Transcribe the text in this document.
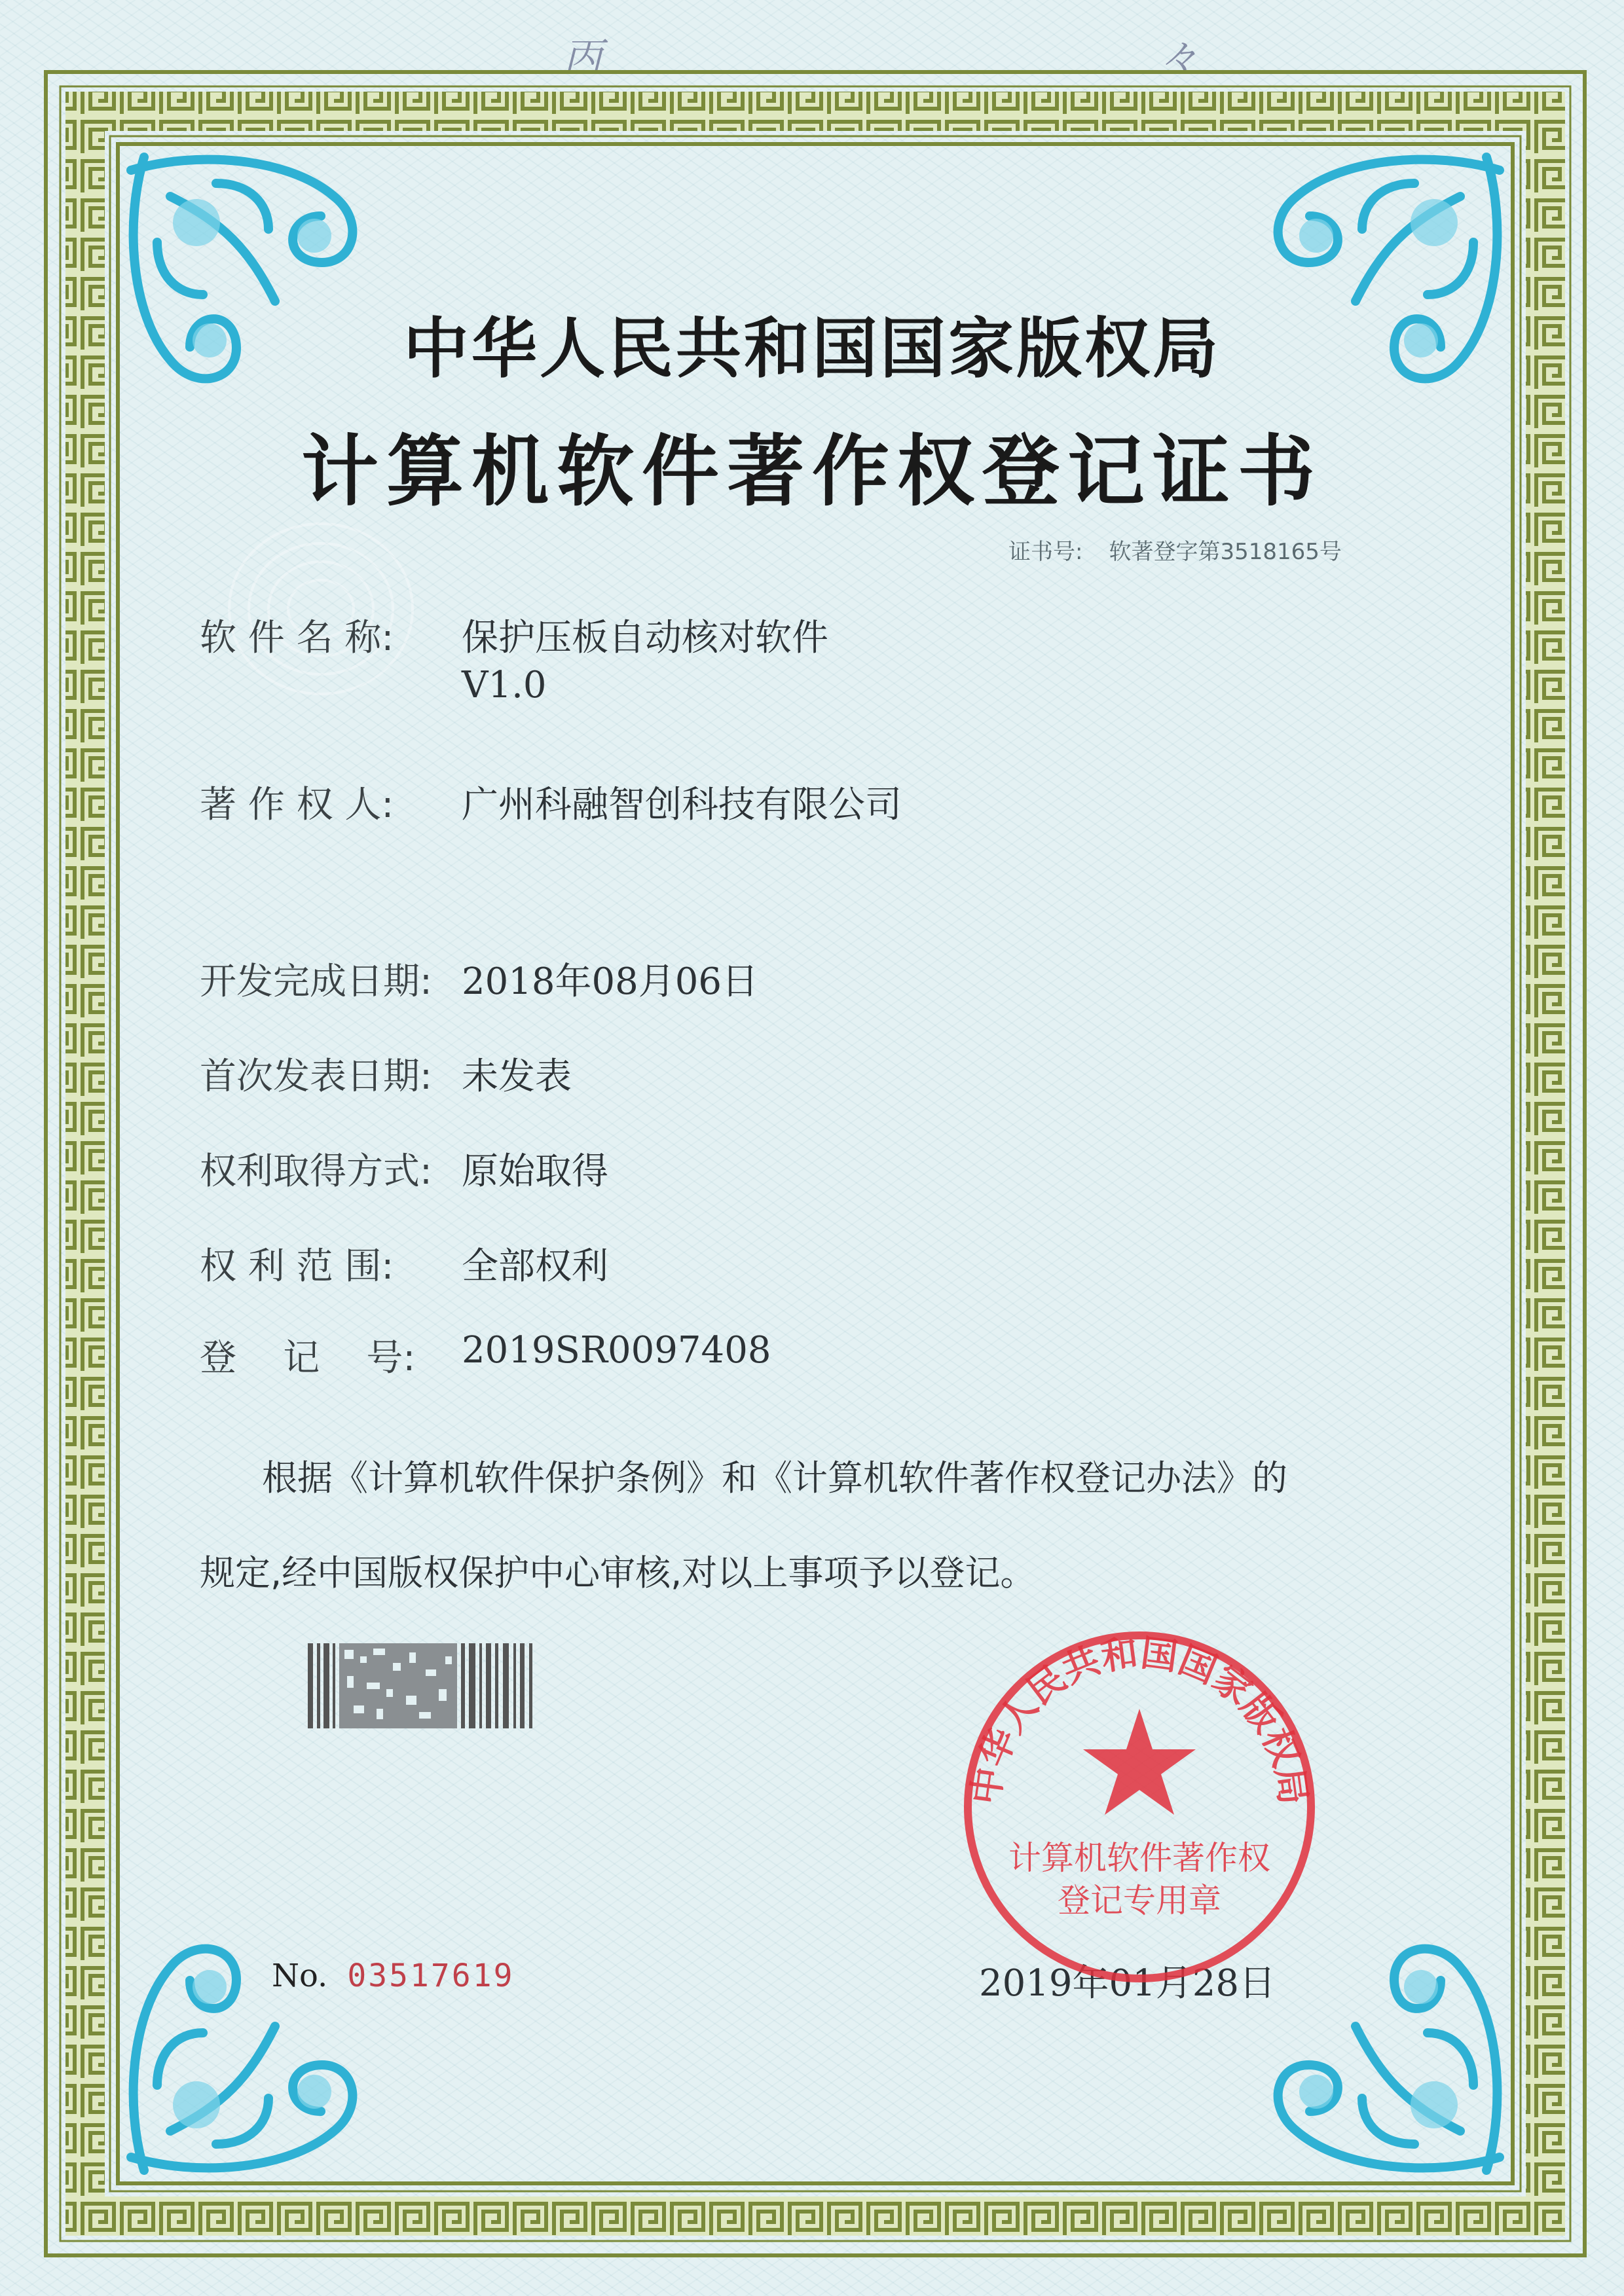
丙	々
中华人民共和国国家版权局
计算机软件著作权登记证书
证书号: 软著登字第3518165号
软 件 名 称: 保护压板自动核对软件
V1.0
著 作 权 人: 广州科融智创科技有限公司
开发完成日期: 2018年08月06日
首次发表日期: 未发表
权利取得方式: 原始取得
权 利 范 围: 全部权利
登    记    号: 2019SR0097408
根据《计算机软件保护条例》和《计算机软件著作权登记办法》的
规定,经中国版权保护中心审核,对以上事项予以登记。
No. 03517619	2019年01月28日
中华人民共和国国家版权局
计算机软件著作权
登记专用章
